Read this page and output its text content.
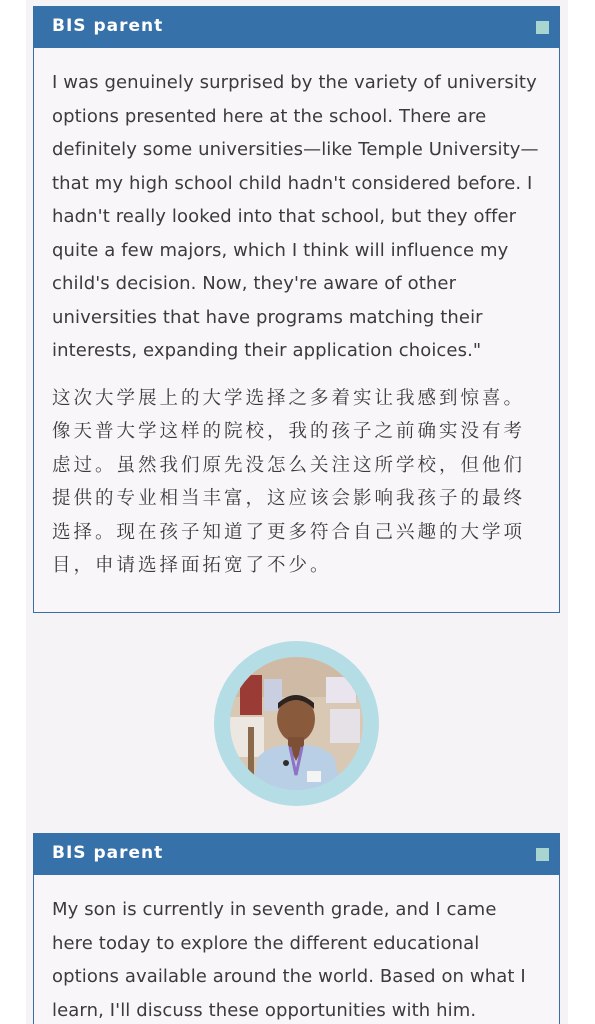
BIS parent

I was genuinely surprised by the variety of university options presented here at the school. There are definitely some universities—like Temple University—that my high school child hadn't considered before. I hadn't really looked into that school, but they offer quite a few majors, which I think will influence my child's decision. Now, they're aware of other universities that have programs matching their interests, expanding their application choices."

这次大学展上的大学选择之多着实让我感到惊喜。像天普大学这样的院校，我的孩子之前确实没有考虑过。虽然我们原先没怎么关注这所学校，但他们提供的专业相当丰富，这应该会影响我孩子的最终选择。现在孩子知道了更多符合自己兴趣的大学项目，申请选择面拓宽了不少。

BIS parent

My son is currently in seventh grade, and I came here today to explore the different educational options available around the world. Based on what I learn, I'll discuss these opportunities with him.
